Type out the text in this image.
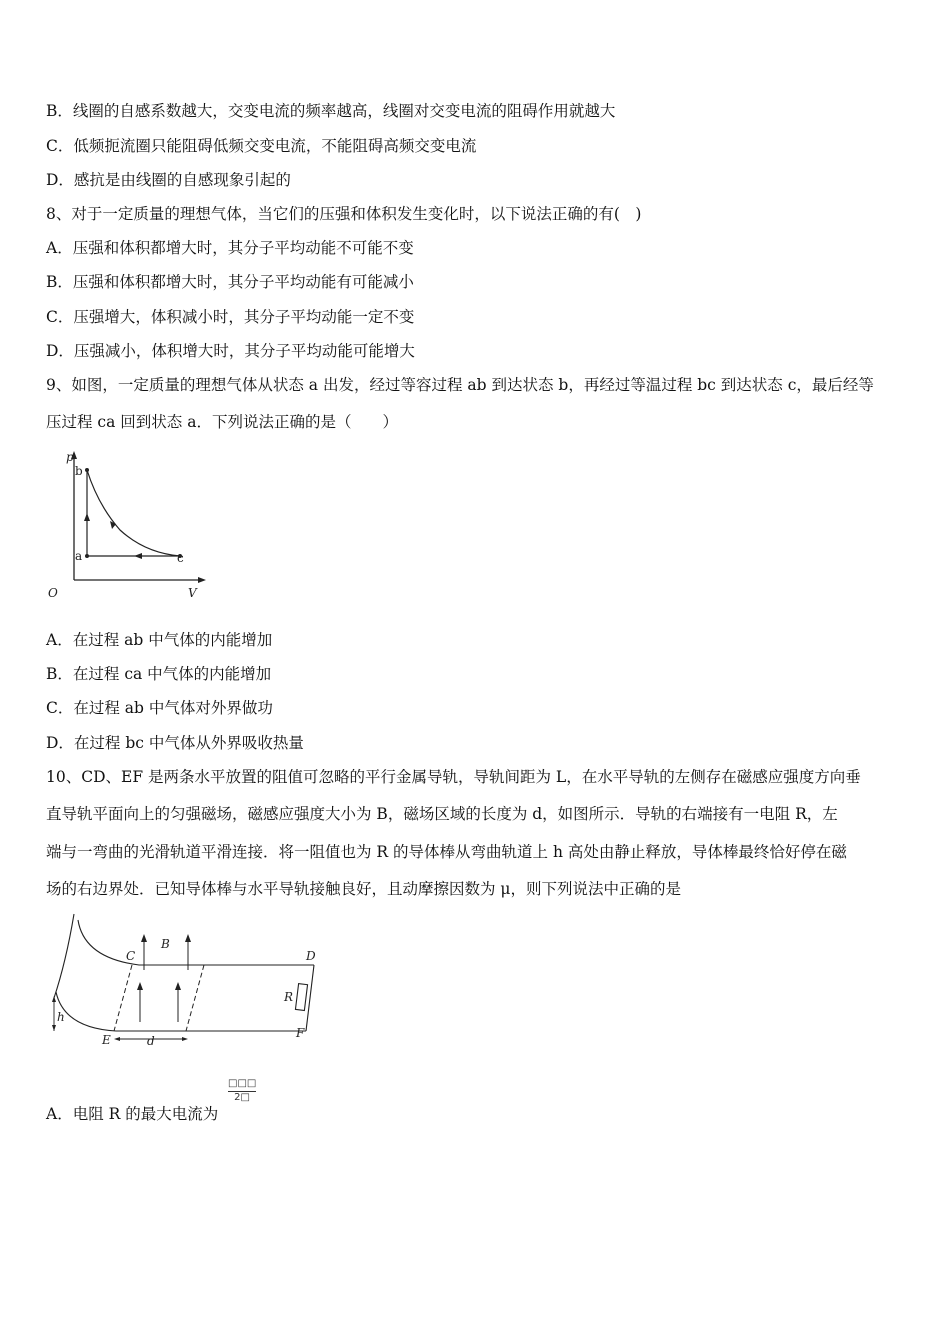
B．线圈的自感系数越大，交变电流的频率越高，线圈对交变电流的阻碍作用就越大
C．低频扼流圈只能阻碍低频交变电流，不能阻碍高频交变电流
D．感抗是由线圈的自感现象引起的
8、对于一定质量的理想气体，当它们的压强和体积发生变化时，以下说法正确的有(　)
A．压强和体积都增大时，其分子平均动能不可能不变
B．压强和体积都增大时，其分子平均动能有可能减小
C．压强增大，体积减小时，其分子平均动能一定不变
D．压强减小，体积增大时，其分子平均动能可能增大
9、如图，一定质量的理想气体从状态 a 出发，经过等容过程 ab 到达状态 b，再经过等温过程 bc 到达状态 c，最后经等
压过程 ca 回到状态 a．下列说法正确的是（　　）
p
V
O
b
a	c
A．在过程 ab 中气体的内能增加
B．在过程 ca 中气体的内能增加
C．在过程 ab 中气体对外界做功
D．在过程 bc 中气体从外界吸收热量
10、CD、EF 是两条水平放置的阻值可忽略的平行金属导轨，导轨间距为 L，在水平导轨的左侧存在磁感应强度方向垂
直导轨平面向上的匀强磁场，磁感应强度大小为 B，磁场区域的长度为 d，如图所示．导轨的右端接有一电阻 R，左
端与一弯曲的光滑轨道平滑连接．将一阻值也为 R 的导体棒从弯曲轨道上 h 高处由静止释放，导体棒最终恰好停在磁
场的右边界处．已知导体棒与水平导轨接触良好，且动摩擦因数为 μ，则下列说法中正确的是
C
B
D
R
h
E	d
F
A．电阻 R 的最大电流为
□□□
2□
